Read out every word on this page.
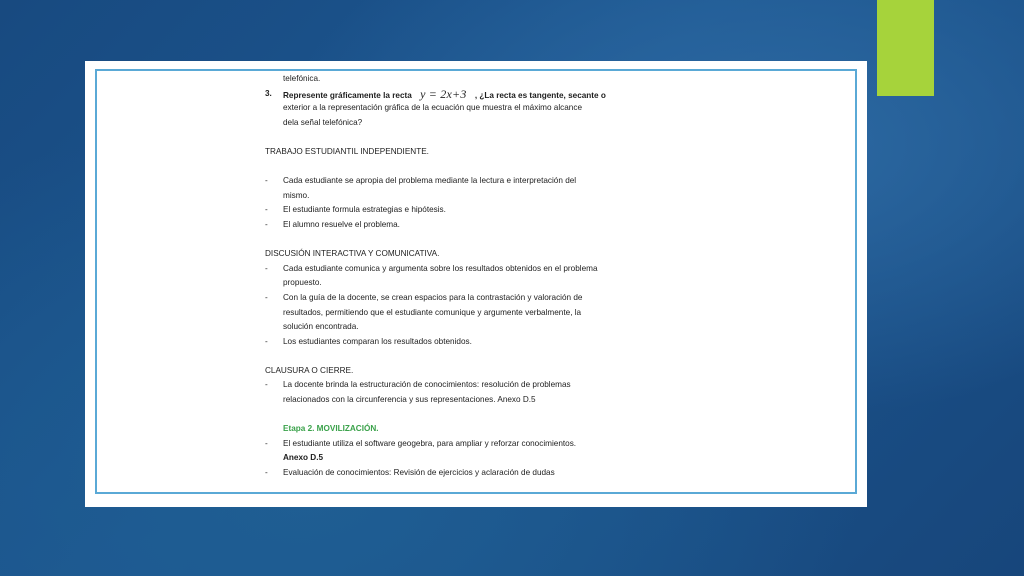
telefónica.
3. Represente gráficamente la recta y = 2x+3 , ¿La recta es tangente, secante o
exterior a la representación gráfica de la ecuación que muestra el máximo alcance
dela señal telefónica?
TRABAJO ESTUDIANTIL INDEPENDIENTE.
- Cada estudiante se apropia del problema mediante la lectura e interpretación del
mismo.
- El estudiante formula estrategias e hipótesis.
- El alumno resuelve el problema.
DISCUSIÓN INTERACTIVA Y COMUNICATIVA.
- Cada estudiante comunica y argumenta sobre los resultados obtenidos en el problema
propuesto.
- Con la guía de la docente, se crean espacios para la contrastación y valoración de
resultados, permitiendo que el estudiante comunique y argumente verbalmente, la
solución encontrada.
- Los estudiantes comparan los resultados obtenidos.
CLAUSURA O CIERRE.
- La docente brinda la estructuración de conocimientos: resolución de problemas
relacionados con la circunferencia y sus representaciones. Anexo D.5
Etapa 2. MOVILIZACIÓN.
- El estudiante utiliza el software geogebra, para ampliar y reforzar conocimientos.
Anexo D.5
- Evaluación de conocimientos: Revisión de ejercicios y aclaración de dudas
